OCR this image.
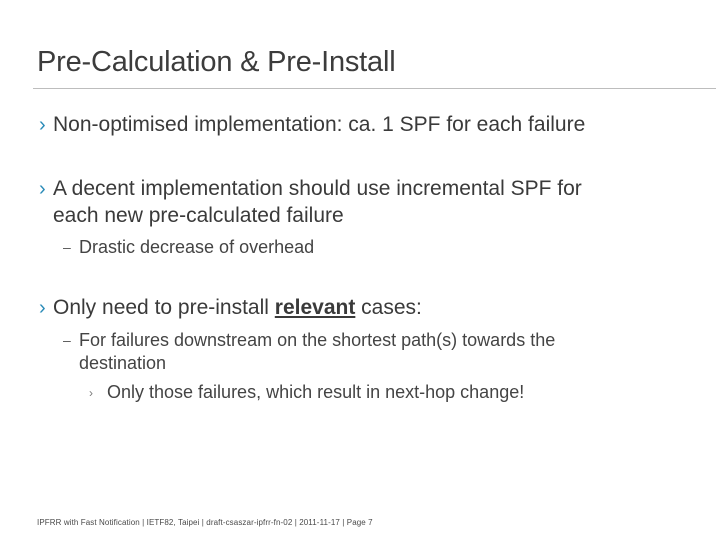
Pre-Calculation & Pre-Install
› Non-optimised implementation: ca. 1 SPF for each failure
› A decent implementation should use incremental SPF for
each new pre-calculated failure
– Drastic decrease of overhead
› Only need to pre-install relevant cases:
– For failures downstream on the shortest path(s) towards the
destination
› Only those failures, which result in next-hop change!
IPFRR with Fast Notification | IETF82, Taipei | draft-csaszar-ipfrr-fn-02 | 2011-11-17 | Page 7
